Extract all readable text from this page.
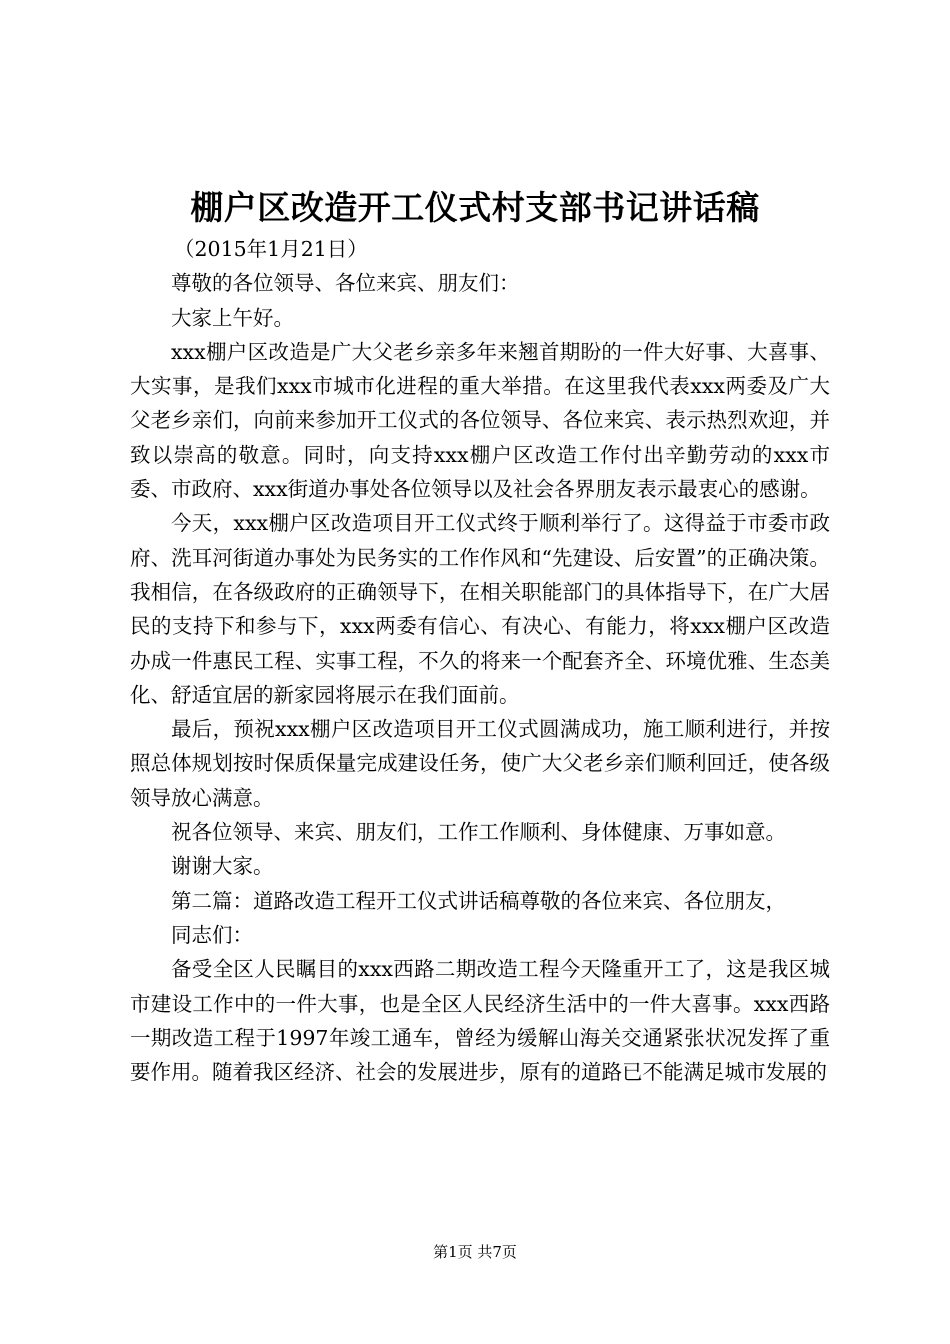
棚户区改造开工仪式村支部书记讲话稿

（2015年1月21日）

尊敬的各位领导、各位来宾、朋友们：

大家上午好。

xxx棚户区改造是广大父老乡亲多年来翘首期盼的一件大好事、大喜事、大实事，是我们xxx市城市化进程的重大举措。在这里我代表xxx两委及广大父老乡亲们，向前来参加开工仪式的各位领导、各位来宾、表示热烈欢迎，并致以崇高的敬意。同时，向支持xxx棚户区改造工作付出辛勤劳动的xxx市委、市政府、xxx街道办事处各位领导以及社会各界朋友表示最衷心的感谢。

今天，xxx棚户区改造项目开工仪式终于顺利举行了。这得益于市委市政府、洗耳河街道办事处为民务实的工作作风和“先建设、后安置”的正确决策。我相信，在各级政府的正确领导下，在相关职能部门的具体指导下，在广大居民的支持下和参与下，xxx两委有信心、有决心、有能力，将xxx棚户区改造办成一件惠民工程、实事工程，不久的将来一个配套齐全、环境优雅、生态美化、舒适宜居的新家园将展示在我们面前。

最后，预祝xxx棚户区改造项目开工仪式圆满成功，施工顺利进行，并按照总体规划按时保质保量完成建设任务，使广大父老乡亲们顺利回迁，使各级领导放心满意。

祝各位领导、来宾、朋友们，工作工作顺利、身体健康、万事如意。

谢谢大家。

第二篇：道路改造工程开工仪式讲话稿尊敬的各位来宾、各位朋友，

同志们：

备受全区人民瞩目的xxx西路二期改造工程今天隆重开工了，这是我区城市建设工作中的一件大事，也是全区人民经济生活中的一件大喜事。xxx西路一期改造工程于1997年竣工通车，曾经为缓解山海关交通紧张状况发挥了重要作用。随着我区经济、社会的发展进步，原有的道路已不能满足城市发展的

第1页 共7页
